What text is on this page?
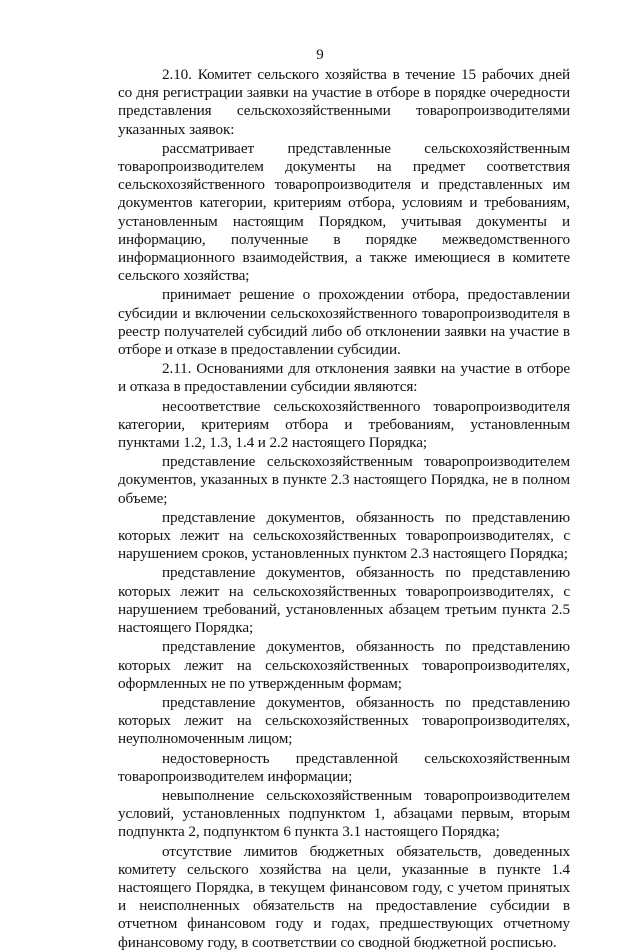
9

2.10. Комитет сельского хозяйства в течение 15 рабочих дней со дня регистрации заявки на участие в отборе в порядке очередности представления сельскохозяйственными товаропроизводителями указанных заявок:

рассматривает представленные сельскохозяйственным товаропроизводителем документы на предмет соответствия сельскохозяйственного товаропроизводителя и представленных им документов категории, критериям отбора, условиям и требованиям, установленным настоящим Порядком, учитывая документы и информацию, полученные в порядке межведомственного информационного взаимодействия, а также имеющиеся в комитете сельского хозяйства;

принимает решение о прохождении отбора, предоставлении субсидии и включении сельскохозяйственного товаропроизводителя в реестр получателей субсидий либо об отклонении заявки на участие в отборе и отказе в предоставлении субсидии.

2.11. Основаниями для отклонения заявки на участие в отборе и отказа в предоставлении субсидии являются:

несоответствие сельскохозяйственного товаропроизводителя категории, критериям отбора и требованиям, установленным пунктами 1.2, 1.3, 1.4 и 2.2 настоящего Порядка;

представление сельскохозяйственным товаропроизводителем документов, указанных в пункте 2.3 настоящего Порядка, не в полном объеме;

представление документов, обязанность по представлению которых лежит на сельскохозяйственных товаропроизводителях, с нарушением сроков, установленных пунктом 2.3 настоящего Порядка;

представление документов, обязанность по представлению которых лежит на сельскохозяйственных товаропроизводителях, с нарушением требований, установленных абзацем третьим пункта 2.5 настоящего Порядка;

представление документов, обязанность по представлению которых лежит на сельскохозяйственных товаропроизводителях, оформленных не по утвержденным формам;

представление документов, обязанность по представлению которых лежит на сельскохозяйственных товаропроизводителях, неуполномоченным лицом;

недостоверность представленной сельскохозяйственным товаропроизводителем информации;

невыполнение сельскохозяйственным товаропроизводителем условий, установленных подпунктом 1, абзацами первым, вторым подпункта 2, подпунктом 6 пункта 3.1 настоящего Порядка;

отсутствие лимитов бюджетных обязательств, доведенных комитету сельского хозяйства на цели, указанные в пункте 1.4 настоящего Порядка, в текущем финансовом году, с учетом принятых и неисполненных обязательств на предоставление субсидии в отчетном финансовом году и годах, предшествующих отчетному финансовому году, в соответствии со сводной бюджетной росписью.
